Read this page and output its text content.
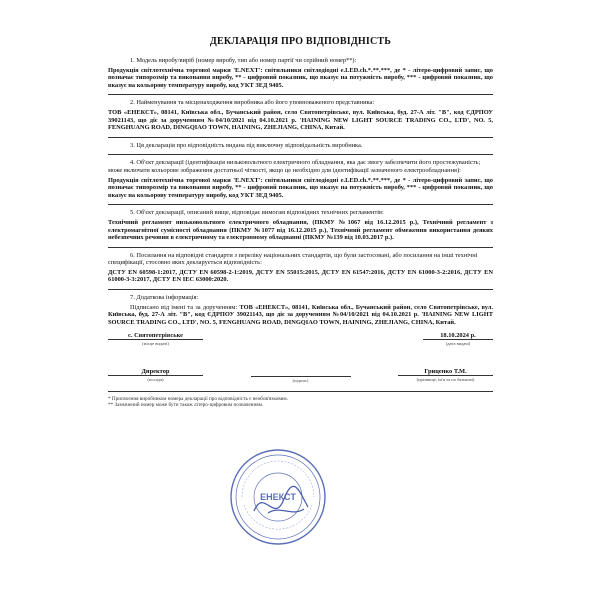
ДЕКЛАРАЦІЯ ПРО ВІДПОВІДНІСТЬ

1. Модель виробу/виріб (номер виробу, тип або номер партії чи серійний номер**):

Продукція світлотехнічна торгової марки 'E.NEXT': світильники світлодіодні e.LED.ch.*.**.***, де * - літеро-цифровий запис, що позначає типорозмір та виконання виробу, ** - цифровий показник, що вказує на потужність виробу, *** - цифровий показник, що вказує на кольорову температуру виробу, код УКТ ЗЕД 9405.

2. Найменування та місценаходження виробника або його уповноваженого представника:

ТОВ «ЕНЕКСТ», 08141, Київська обл., Бучанський район, село Святопетрівське, вул. Київська, буд. 27-А літ. "В", код ЄДРПОУ 39021143, що діє за дорученням №04/10/2021 від 04.10.2021 р. 'HAINING NEW LIGHT SOURCE TRADING CO., LTD', NO. 5, FENGHUANG ROAD, DINGQIAO TOWN, HAINING, ZHEJIANG, CHINA, Китай.

3. Ця декларація про відповідність видана під виключну відповідальність виробника.

4. Об'єкт декларації (ідентифікація низьковольтного електричного обладнання, яка дає змогу забезпечити його простежуваність; може включати кольорове зображення достатньої чіткості, якщо це необхідно для ідентифікації зазначеного електрообладнання):

Продукція світлотехнічна торгової марки 'E.NEXT': світильники світлодіодні e.LED.ch.*.**.***, де * - літеро-цифровий запис, що позначає типорозмір та виконання виробу, ** - цифровий показник, що вказує на потужність виробу, *** - цифровий показник, що вказує на кольорову температуру виробу, код УКТ ЗЕД 9405.

5. Об'єкт декларації, описаний вище, відповідає вимогам відповідних технічних регламентів:

Технічний регламент низьковольтного електричного обладнання, (ПКМУ №1067 від 16.12.2015 р.), Технічний регламент з електромагнітної сумісності обладнання (ПКМУ №1077 від 16.12.2015 р.), Технічний регламент обмеження використання деяких небезпечних речовин в електричному та електронному обладнанні (ПКМУ №139 від 10.03.2017 р.).

6. Посилання на відповідні стандарти з переліку національних стандартів, що були застосовані, або посилання на інші технічні специфікації, стосовно яких декларується відповідність:

ДСТУ EN 60598-1:2017, ДСТУ EN 60598-2-1:2019, ДСТУ EN 55015:2015, ДСТУ EN 61547:2016, ДСТУ EN 61000-3-2:2016, ДСТУ EN 61000-3-3:2017, ДСТУ EN IEC 63000:2020.

7. Додаткова інформація:

Підписано від імені та за дорученням: ТОВ «ЕНЕКСТ», 08141, Київська обл., Бучанський район, село Святопетрівське, вул. Київська, буд. 27-А літ. "В", код ЄДРПОУ 39021143, що діє за дорученням №04/10/2021 від 04.10.2021 р. 'HAINING NEW LIGHT SOURCE TRADING CO., LTD', NO. 5, FENGHUANG ROAD, DINGQIAO TOWN, HAINING, ZHEJIANG, CHINA, Китай.

с. Святопетрівське
(місце видачі)
18.10.2024 р.
(дата видачі)
Директор
(посада)	(підпис)
Гриценко Т.М.
(прізвище, ім'я та по батькові)
* Присвоєння виробником номера декларації про відповідність є необов'язковим.
** Зазначений номер може бути також літеро-цифровим позначенням.
ЕНЕКСТ
